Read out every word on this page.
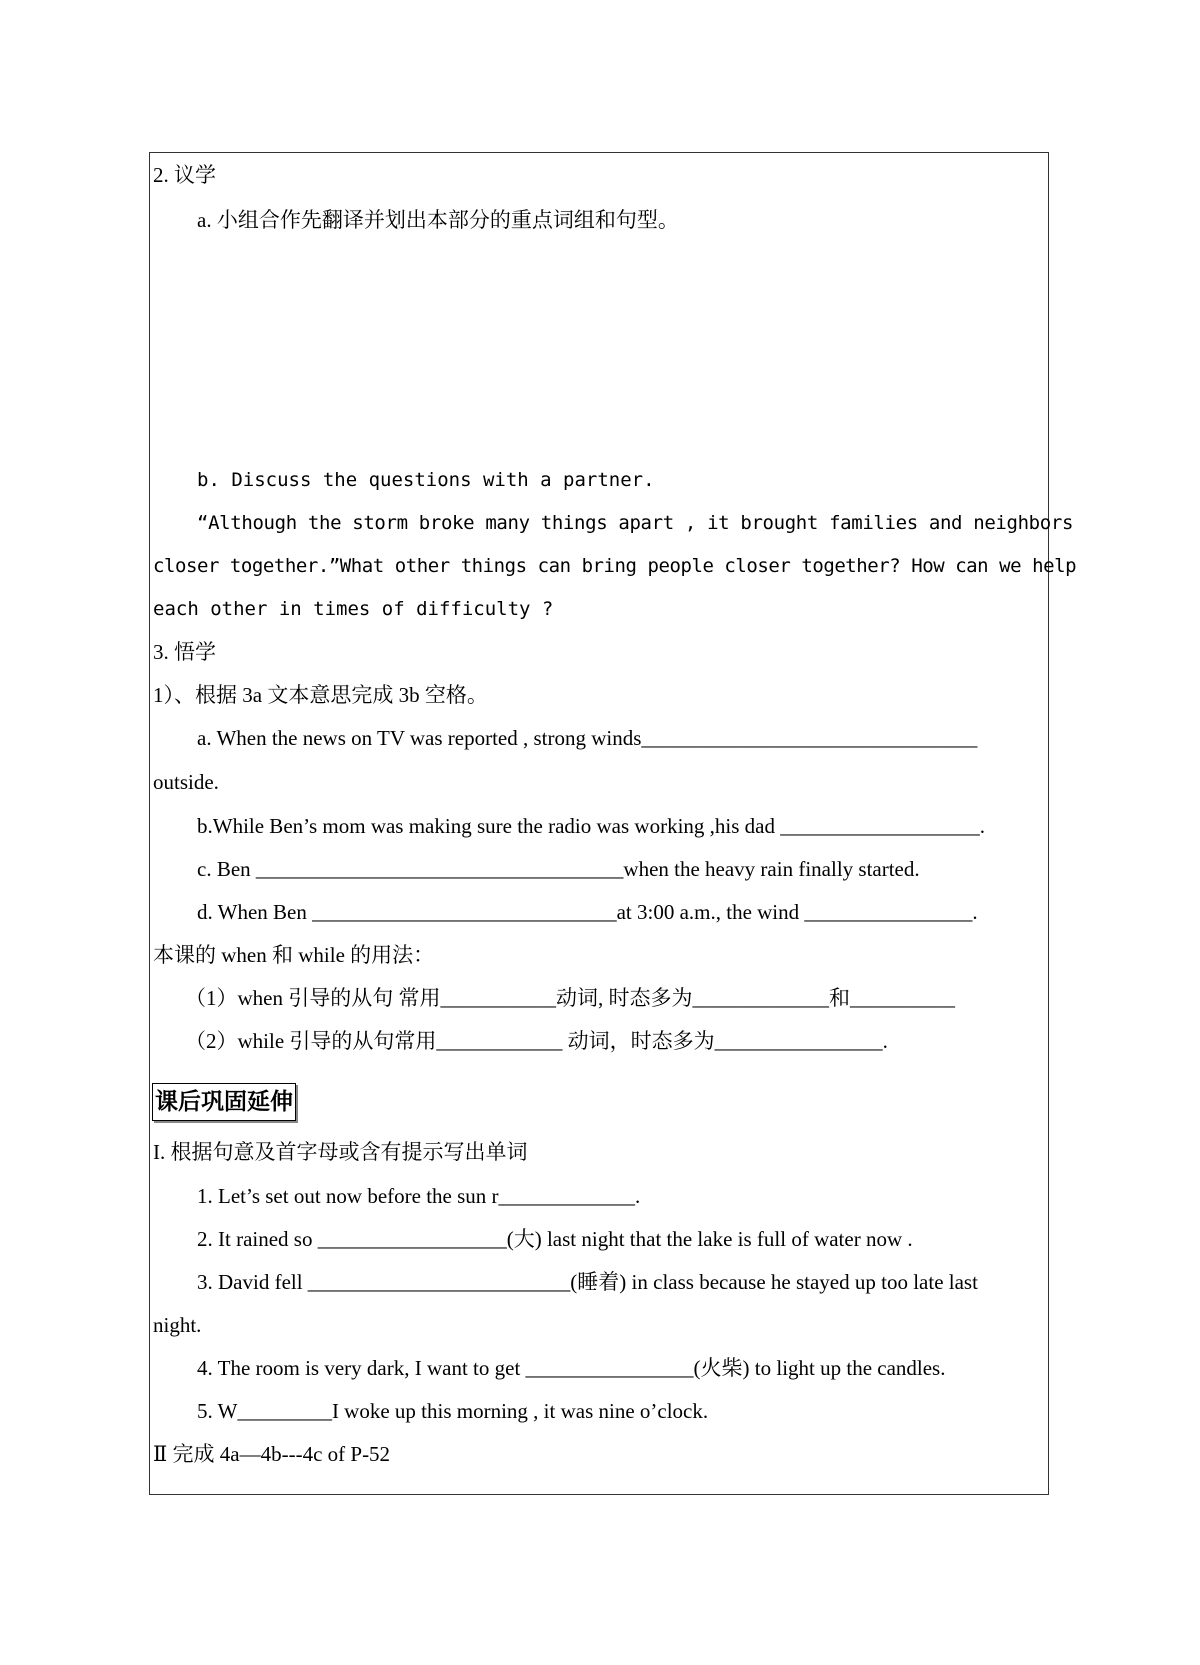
2. 议学
a. 小组合作先翻译并划出本部分的重点词组和句型。
b. Discuss the questions with a partner.
“Although the storm broke many things apart , it brought families and neighbors
closer together.”What other things can bring people closer together? How can we help
each other in times of difficulty ?
3. 悟学
1）、根据 3a 文本意思完成 3b 空格。
a. When the news on TV was reported , strong winds________________________________
outside.
b.While Ben’s mom was making sure the radio was working ,his dad ___________________.
c. Ben ___________________________________when the heavy rain finally started.
d. When Ben _____________________________at 3:00 a.m., the wind ________________.
本课的 when 和 while 的用法：
（1）when 引导的从句 常用___________动词, 时态多为_____________和__________
（2）while 引导的从句常用____________ 动词，时态多为________________.
课后巩固延伸
I. 根据句意及首字母或含有提示写出单词
1. Let’s set out now before the sun r_____________.
2. It rained so __________________(大) last night that the lake is full of water now .
3. David fell _________________________(睡着) in class because he stayed up too late last
night.
4. The room is very dark, I want to get ________________(火柴) to light up the candles.
5. W_________I woke up this morning , it was nine o’clock.
Ⅱ 完成 4a—4b---4c of P-52
